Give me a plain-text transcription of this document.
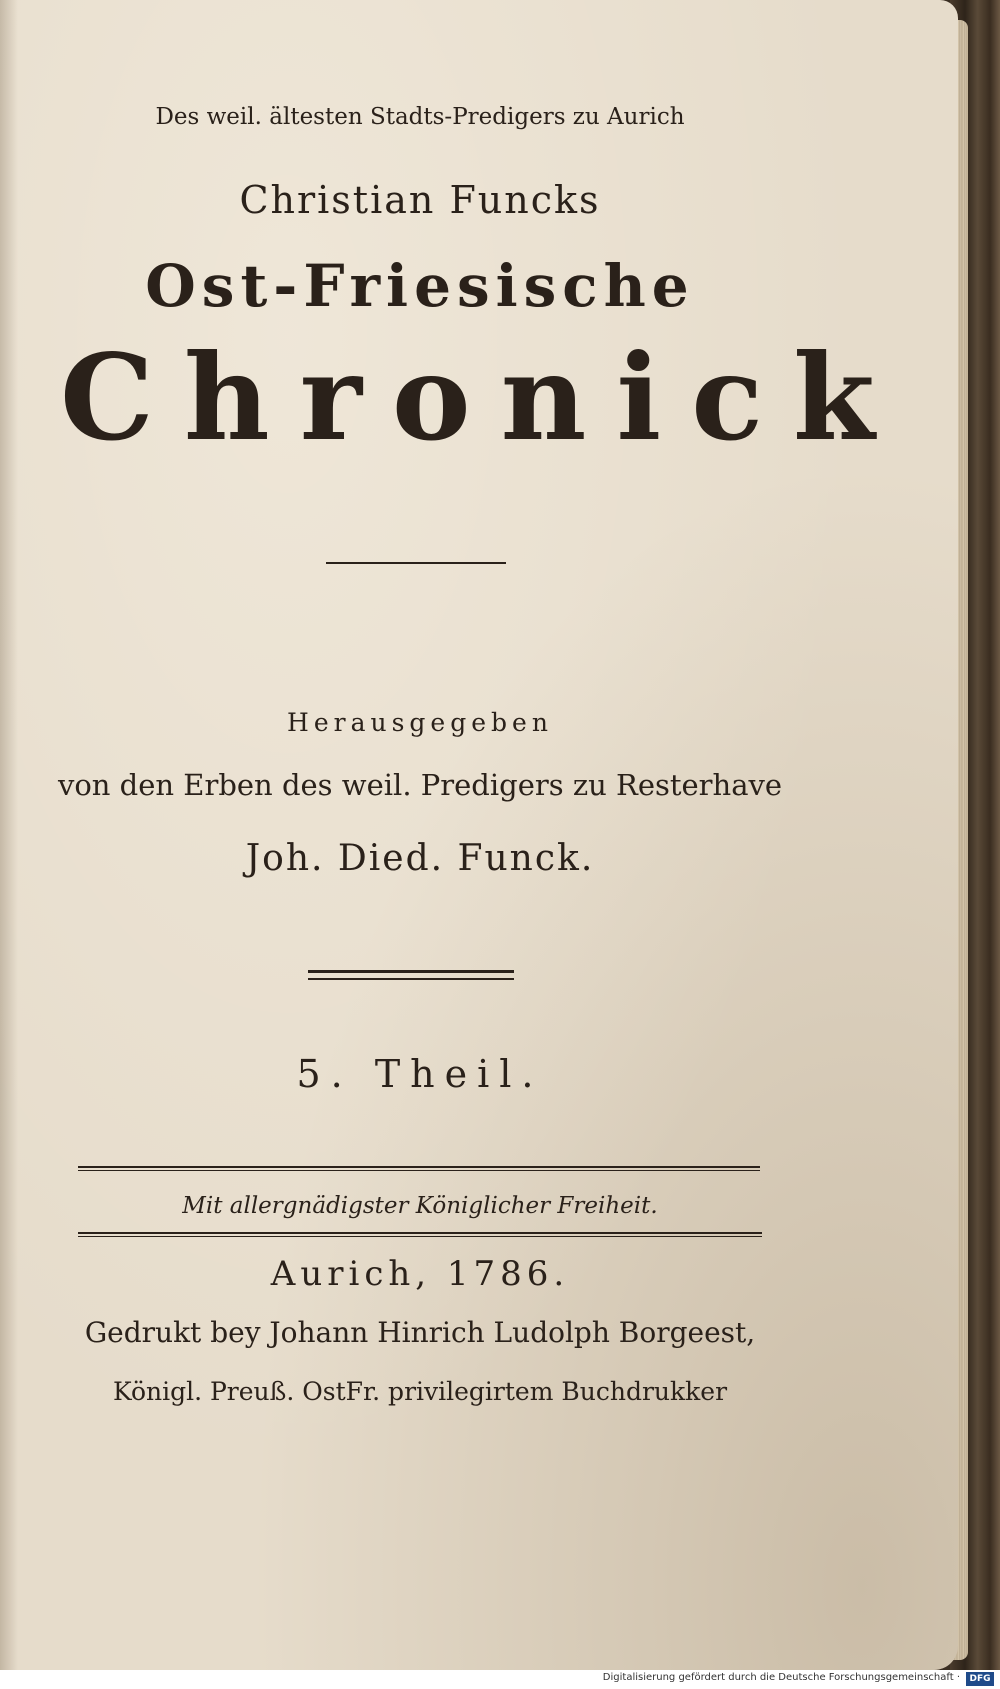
Des weil. ältesten Stadts-Predigers zu Aurich
Christian Funcks
Ost-Friesische
Chronick
Herausgegeben
von den Erben des weil. Predigers zu Resterhave
Joh. Died. Funck.
5. Theil.
Mit allergnädigster Königlicher Freiheit.
Aurich, 1786.
Gedrukt bey Johann Hinrich Ludolph Borgeest,
Königl. Preuß. OstFr. privilegirtem Buchdrukker
Digitalisierung gefördert durch die Deutsche Forschungsgemeinschaft ·	DFG
